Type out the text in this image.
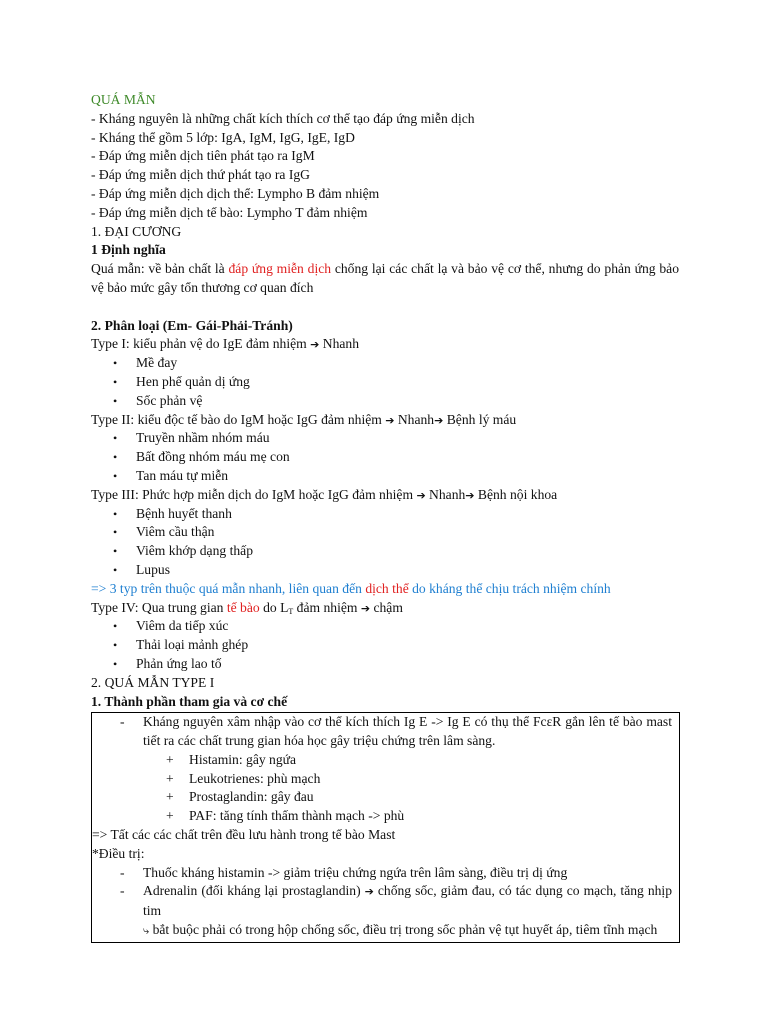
QUÁ MẪN
- Kháng nguyên là những chất kích thích cơ thể tạo đáp ứng miễn dịch
- Kháng thể gồm 5 lớp: IgA, IgM, IgG, IgE, IgD
- Đáp ứng miễn dịch tiên phát tạo ra IgM
- Đáp ứng miễn dịch thứ phát tạo ra IgG
- Đáp ứng miễn dịch dịch thể: Lympho B đảm nhiệm
- Đáp ứng miễn dịch tế bào: Lympho T đảm nhiệm
1. ĐẠI CƯƠNG
1 Định nghĩa
Quá mẫn: về bản chất là đáp ứng miễn dịch chống lại các chất lạ và bảo vệ cơ thể, nhưng do phản ứng bảo vệ bảo mức gây tổn thương cơ quan đích
2. Phân loại (Em- Gái-Phải-Tránh)
Type I: kiểu phản vệ do IgE đảm nhiệm ➔ Nhanh
• Mề đay
• Hen phế quản dị ứng
• Sốc phản vệ
Type II: kiểu độc tế bào do IgM hoặc IgG đảm nhiệm ➔ Nhanh➔ Bệnh lý máu
• Truyền nhầm nhóm máu
• Bất đồng nhóm máu mẹ con
• Tan máu tự miễn
Type III: Phức hợp miễn dịch do IgM hoặc IgG đảm nhiệm ➔ Nhanh➔ Bệnh nội khoa
• Bệnh huyết thanh
• Viêm cầu thận
• Viêm khớp dạng thấp
• Lupus
=> 3 typ trên thuộc quá mẫn nhanh, liên quan đến dịch thể do kháng thể chịu trách nhiệm chính
Type IV: Qua trung gian tế bào do $L_T$ đảm nhiệm ➔ chậm
• Viêm da tiếp xúc
• Thải loại mảnh ghép
• Phản ứng lao tố
2. QUÁ MẪN TYPE I
1. Thành phần tham gia và cơ chế
- Kháng nguyên xâm nhập vào cơ thể kích thích Ig E -> Ig E có thụ thể FcεR gắn lên tế bào mast tiết ra các chất trung gian hóa học gây triệu chứng trên lâm sàng.
+ Histamin: gây ngứa
+ Leukotrienes: phù mạch
+ Prostaglandin: gây đau
+ PAF: tăng tính thấm thành mạch -> phù
=> Tất các các chất trên đều lưu hành trong tế bào Mast
*Điều trị:
- Thuốc kháng histamin -> giảm triệu chứng ngứa trên lâm sàng, điều trị dị ứng
- Adrenalin (đối kháng lại prostaglandin) ➔ chống sốc, giảm đau, có tác dụng co mạch, tăng nhịp tim
⤷ bắt buộc phải có trong hộp chống sốc, điều trị trong sốc phản vệ tụt huyết áp, tiêm tĩnh mạch
